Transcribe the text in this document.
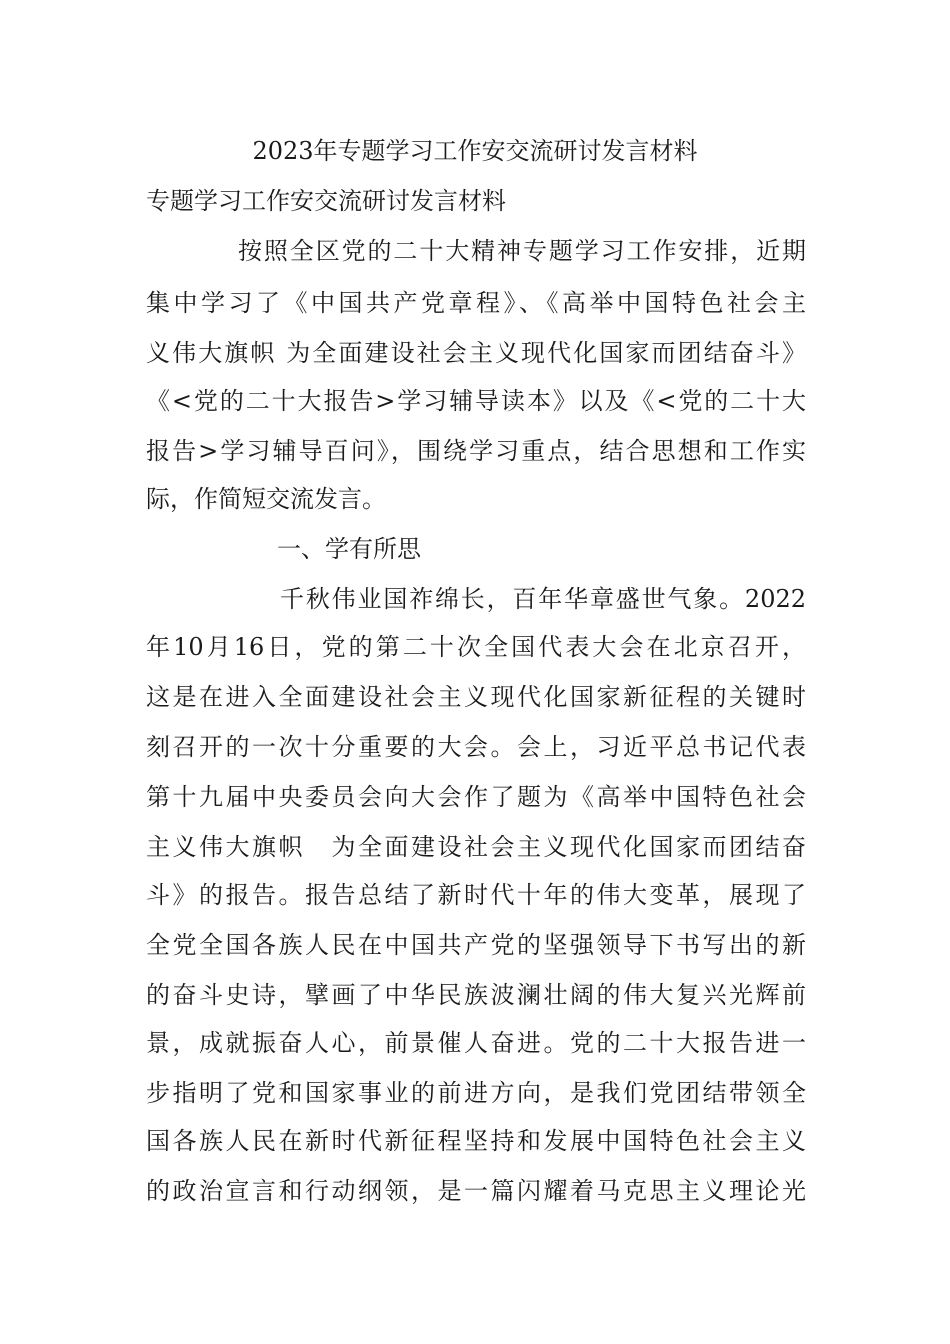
2023年专题学习工作安交流研讨发言材料

专题学习工作安交流研讨发言材料

按照全区党的二十大精神专题学习工作安排，近期

集中学习了《中国共产党章程》、《高举中国特色社会主

义伟大旗帜 为全面建设社会主义现代化国家而团结奋斗》

《<党的二十大报告>学习辅导读本》以及《<党的二十大

报告>学习辅导百问》，围绕学习重点，结合思想和工作实

际，作简短交流发言。

一、学有所思

千秋伟业国祚绵长，百年华章盛世气象。2022

年10月16日，党的第二十次全国代表大会在北京召开，

这是在进入全面建设社会主义现代化国家新征程的关键时

刻召开的一次十分重要的大会。会上，习近平总书记代表

第十九届中央委员会向大会作了题为《高举中国特色社会

主义伟大旗帜　为全面建设社会主义现代化国家而团结奋

斗》的报告。报告总结了新时代十年的伟大变革，展现了

全党全国各族人民在中国共产党的坚强领导下书写出的新

的奋斗史诗，擘画了中华民族波澜壮阔的伟大复兴光辉前

景，成就振奋人心，前景催人奋进。党的二十大报告进一

步指明了党和国家事业的前进方向，是我们党团结带领全

国各族人民在新时代新征程坚持和发展中国特色社会主义

的政治宣言和行动纲领，是一篇闪耀着马克思主义理论光
